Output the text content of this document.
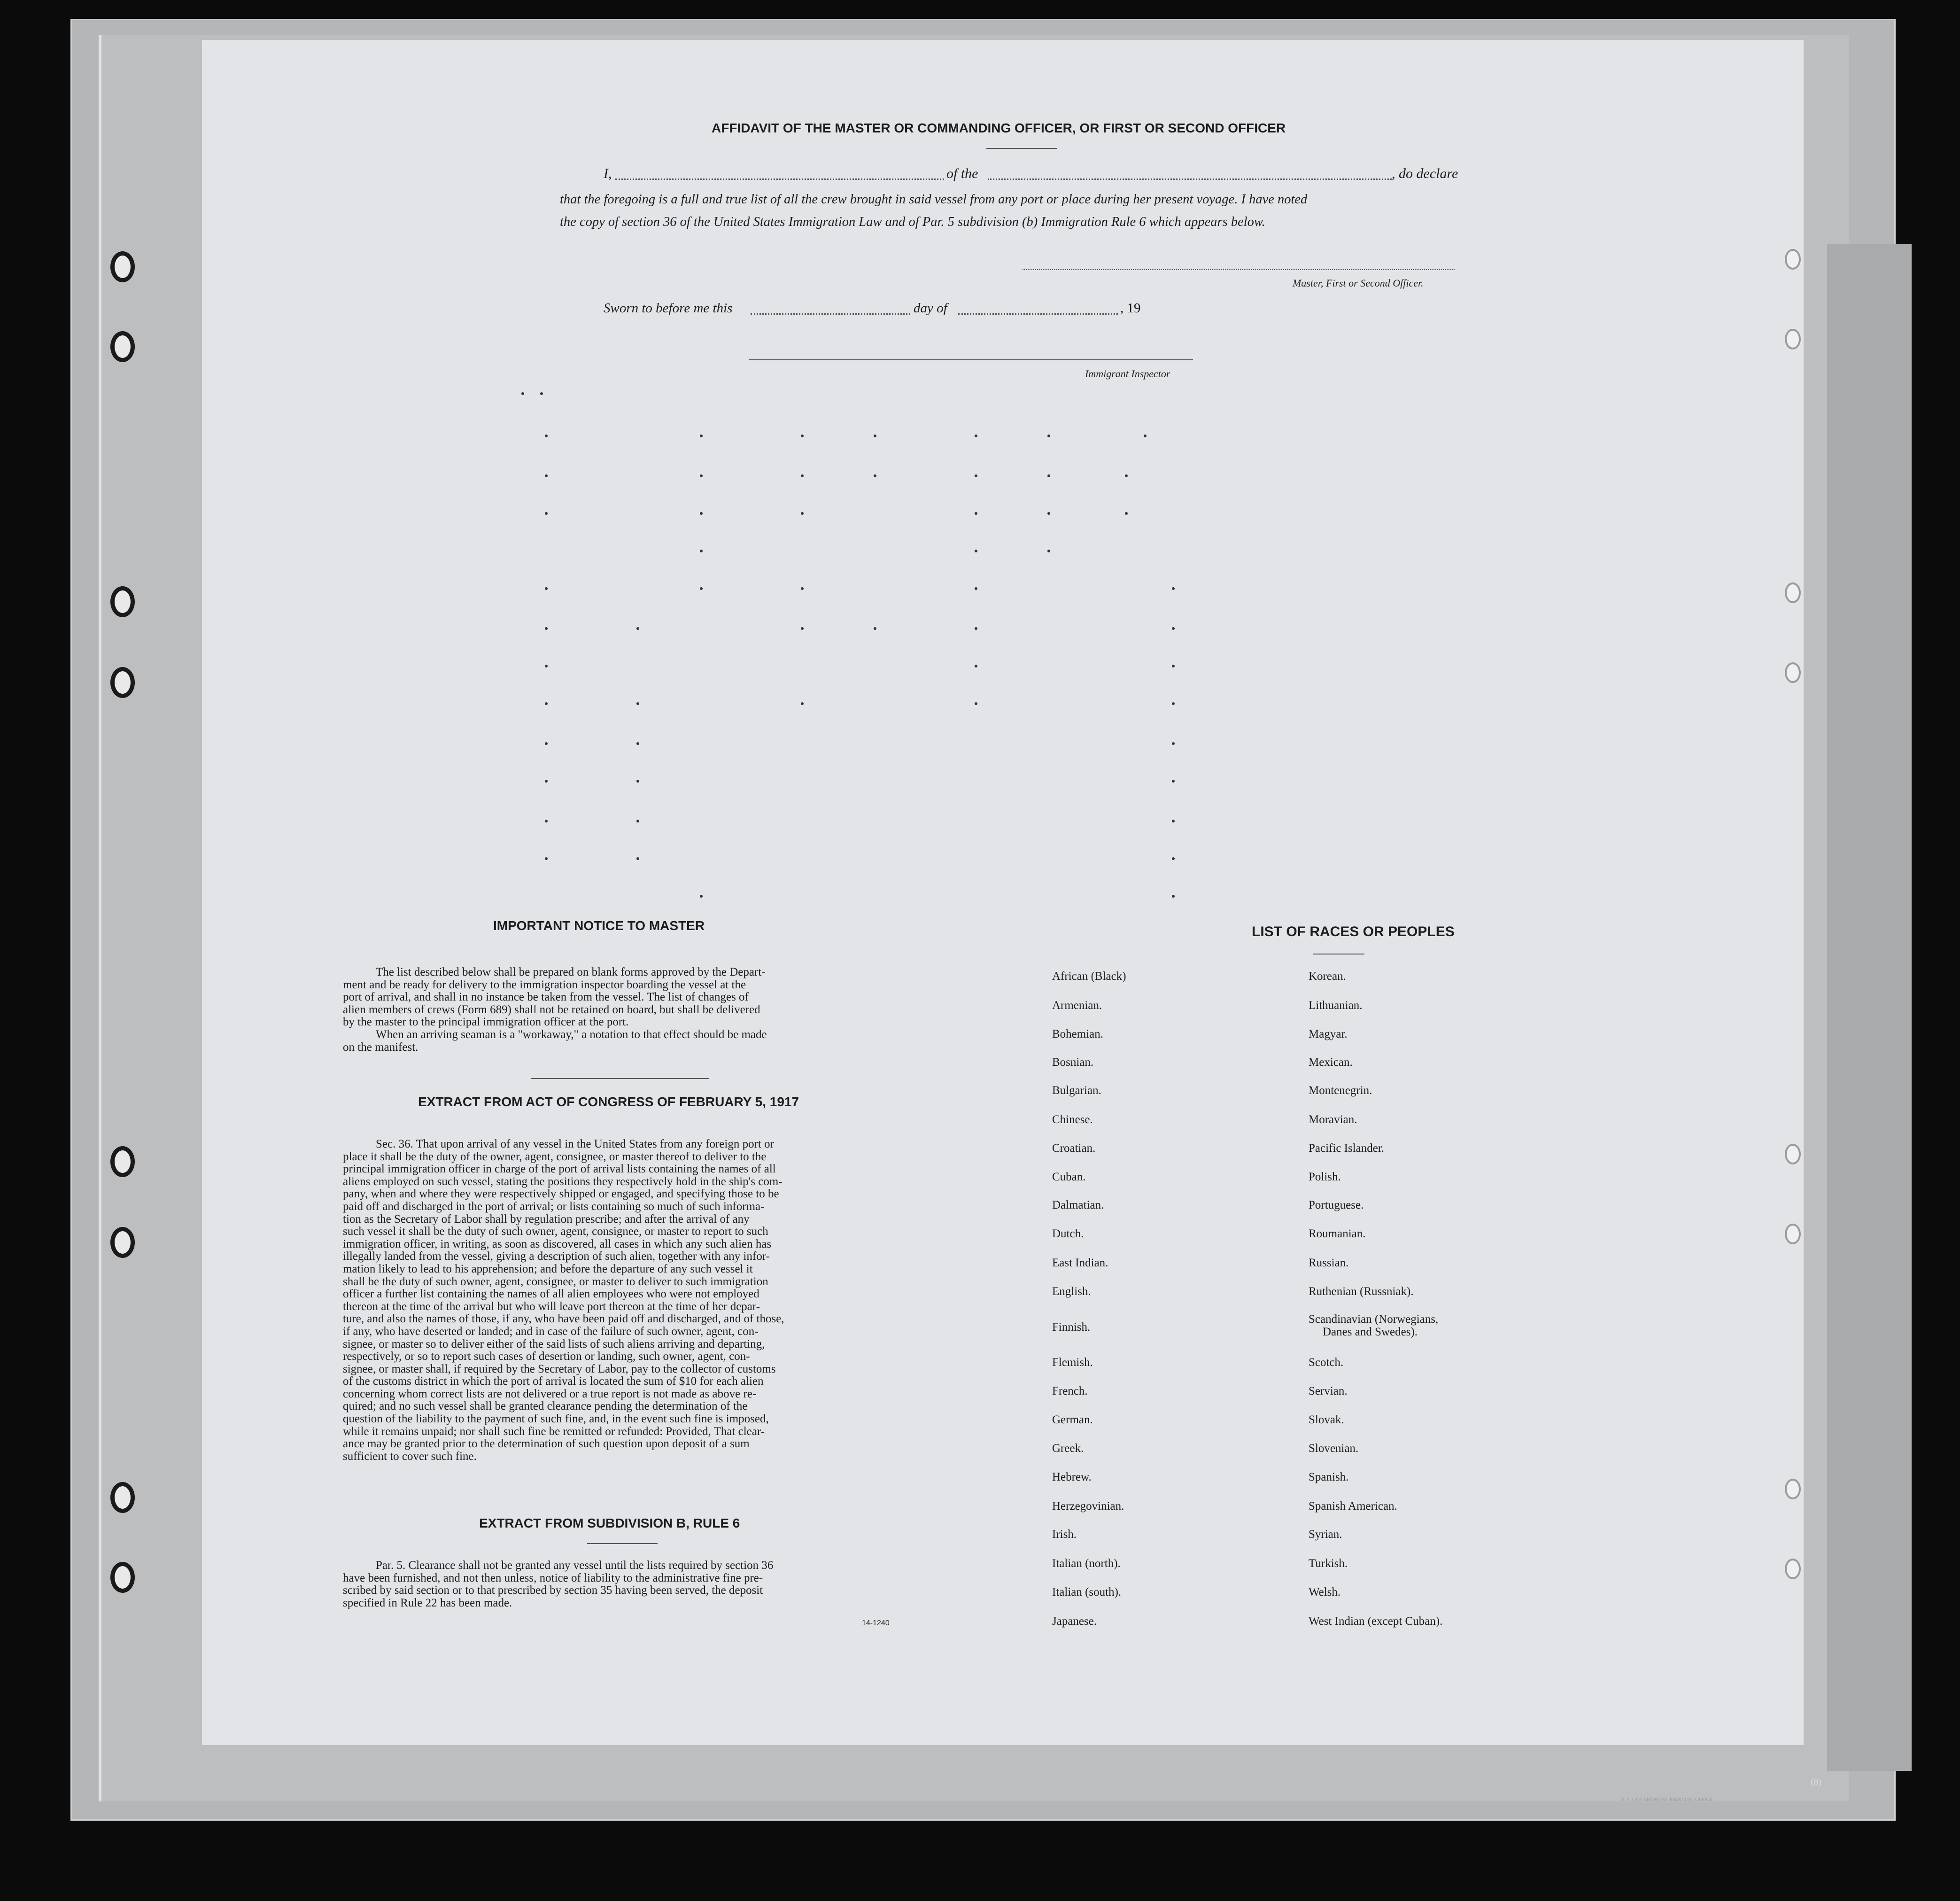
(8)
U. S. GOVERNMENT PRINTING OFFICE
AFFIDAVIT OF THE MASTER OR COMMANDING OFFICER, OR FIRST OR SECOND OFFICER
I,	of the	, do declare
that the foregoing is a full and true list of all the crew brought in said vessel from any port or place during her present voyage. I have noted
the copy of section 36 of the United States Immigration Law and of Par. 5 subdivision (b) Immigration Rule 6 which appears below.
Master, First or Second Officer.
Sworn to before me this	day of	, 19
Immigrant Inspector
IMPORTANT NOTICE TO MASTER
The list described below shall be prepared on blank forms approved by the Depart-
ment and be ready for delivery to the immigration inspector boarding the vessel at the
port of arrival, and shall in no instance be taken from the vessel. The list of changes of
alien members of crews (Form 689) shall not be retained on board, but shall be delivered
by the master to the principal immigration officer at the port.
When an arriving seaman is a "workaway," a notation to that effect should be made
on the manifest.
EXTRACT FROM ACT OF CONGRESS OF FEBRUARY 5, 1917
Sec. 36. That upon arrival of any vessel in the United States from any foreign port or
place it shall be the duty of the owner, agent, consignee, or master thereof to deliver to the
principal immigration officer in charge of the port of arrival lists containing the names of all
aliens employed on such vessel, stating the positions they respectively hold in the ship's com-
pany, when and where they were respectively shipped or engaged, and specifying those to be
paid off and discharged in the port of arrival; or lists containing so much of such informa-
tion as the Secretary of Labor shall by regulation prescribe; and after the arrival of any
such vessel it shall be the duty of such owner, agent, consignee, or master to report to such
immigration officer, in writing, as soon as discovered, all cases in which any such alien has
illegally landed from the vessel, giving a description of such alien, together with any infor-
mation likely to lead to his apprehension; and before the departure of any such vessel it
shall be the duty of such owner, agent, consignee, or master to deliver to such immigration
officer a further list containing the names of all alien employees who were not employed
thereon at the time of the arrival but who will leave port thereon at the time of her depar-
ture, and also the names of those, if any, who have been paid off and discharged, and of those,
if any, who have deserted or landed; and in case of the failure of such owner, agent, con-
signee, or master so to deliver either of the said lists of such aliens arriving and departing,
respectively, or so to report such cases of desertion or landing, such owner, agent, con-
signee, or master shall, if required by the Secretary of Labor, pay to the collector of customs
of the customs district in which the port of arrival is located the sum of $10 for each alien
concerning whom correct lists are not delivered or a true report is not made as above re-
quired; and no such vessel shall be granted clearance pending the determination of the
question of the liability to the payment of such fine, and, in the event such fine is imposed,
while it remains unpaid; nor shall such fine be remitted or refunded: Provided, That clear-
ance may be granted prior to the determination of such question upon deposit of a sum
sufficient to cover such fine.
EXTRACT FROM SUBDIVISION B, RULE 6
Par. 5. Clearance shall not be granted any vessel until the lists required by section 36
have been furnished, and not then unless, notice of liability to the administrative fine pre-
scribed by said section or to that prescribed by section 35 having been served, the deposit
specified in Rule 22 has been made.
14-1240
LIST OF RACES OR PEOPLES
African (Black)
Armenian.
Bohemian.
Bosnian.
Bulgarian.
Chinese.
Croatian.
Cuban.
Dalmatian.
Dutch.
East Indian.
English.
Finnish.
Flemish.
French.
German.
Greek.
Hebrew.
Herzegovinian.
Irish.
Italian (north).
Italian (south).
Japanese.
Korean.
Lithuanian.
Magyar.
Mexican.
Montenegrin.
Moravian.
Pacific Islander.
Polish.
Portuguese.
Roumanian.
Russian.
Ruthenian (Russniak).
Scandinavian (Norwegians,
Danes and Swedes).
Scotch.
Servian.
Slovak.
Slovenian.
Spanish.
Spanish American.
Syrian.
Turkish.
Welsh.
West Indian (except Cuban).
